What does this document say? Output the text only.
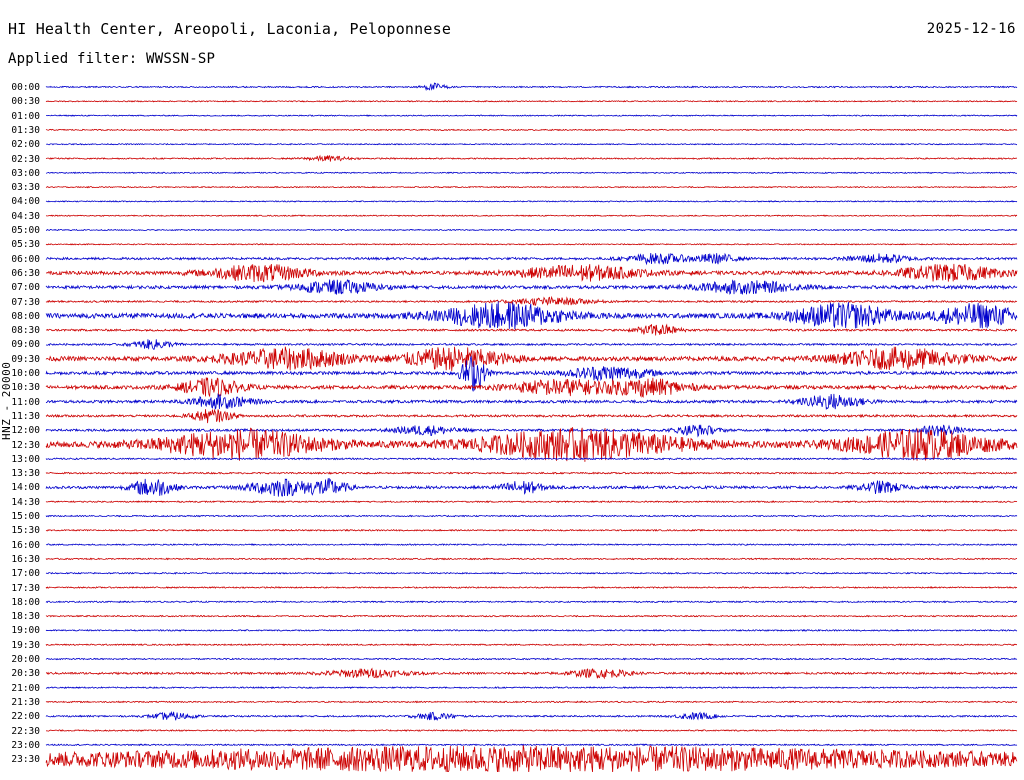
HI Health Center, Areopoli, Laconia, Peloponnese	2025-12-16
Applied filter: WWSSN-SP
HNZ - 20000
00:00
00:30
01:00
01:30
02:00
02:30
03:00
03:30
04:00
04:30
05:00
05:30
06:00
06:30
07:00
07:30
08:00
08:30
09:00
09:30
10:00
10:30
11:00
11:30
12:00
12:30
13:00
13:30
14:00
14:30
15:00
15:30
16:00
16:30
17:00
17:30
18:00
18:30
19:00
19:30
20:00
20:30
21:00
21:30
22:00
22:30
23:00
23:30
